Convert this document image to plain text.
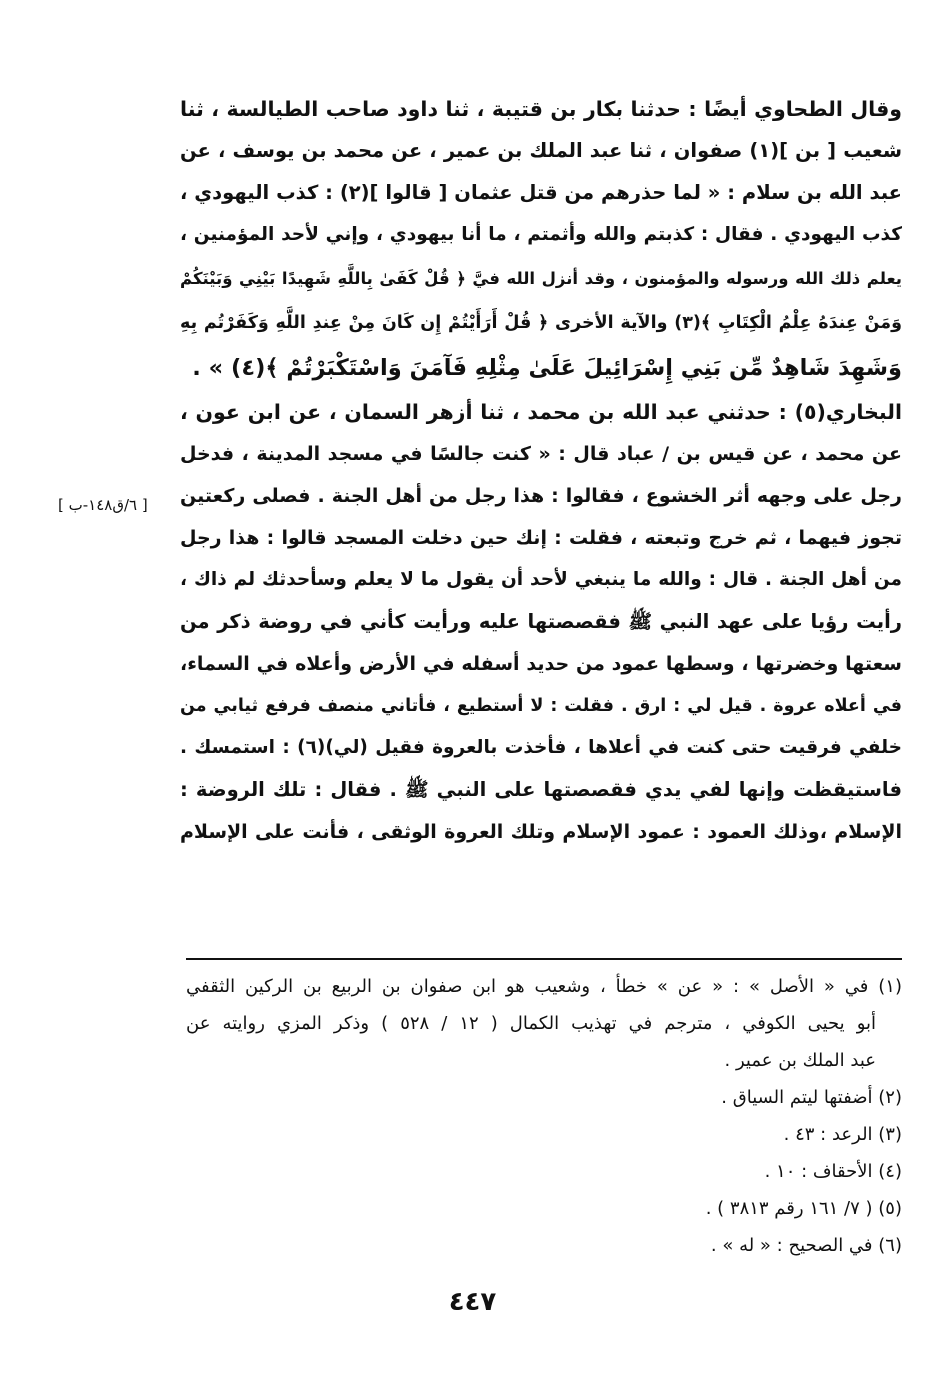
وقال الطحاوي أيضًا : حدثنا بكار بن قتيبة ، ثنا داود صاحب الطيالسة ، ثنا
شعيب [ بن ](١) صفوان ، ثنا عبد الملك بن عمير ، عن محمد بن يوسف ، عن
عبد الله بن سلام : « لما حذرهم من قتل عثمان [ قالوا ](٢) : كذب اليهودي ،
كذب اليهودي . فقال : كذبتم والله وأثمتم ، ما أنا بيهودي ، وإني لأحد المؤمنين ،
يعلم ذلك الله ورسوله والمؤمنون ، وقد أنزل الله فيَّ ﴿ قُلْ كَفَىٰ بِاللَّهِ شَهِيدًا بَيْنِي وَبَيْنَكُمْ
وَمَنْ عِندَهُ عِلْمُ الْكِتَابِ ﴾(٣) والآية الأخرى ﴿ قُلْ أَرَأَيْتُمْ إِن كَانَ مِنْ عِندِ اللَّهِ وَكَفَرْتُم بِهِ
وَشَهِدَ شَاهِدٌ مِّن بَنِي إِسْرَائِيلَ عَلَىٰ مِثْلِهِ فَآمَنَ وَاسْتَكْبَرْتُمْ ﴾(٤) » .
البخاري(٥) : حدثني عبد الله بن محمد ، ثنا أزهر السمان ، عن ابن عون ،
عن محمد ، عن قيس بن / عباد قال : « كنت جالسًا في مسجد المدينة ، فدخل
رجل على وجهه أثر الخشوع ، فقالوا : هذا رجل من أهل الجنة . فصلى ركعتين
تجوز فيهما ، ثم خرج وتبعته ، فقلت : إنك حين دخلت المسجد قالوا : هذا رجل
من أهل الجنة . قال : والله ما ينبغي لأحد أن يقول ما لا يعلم وسأحدثك لم ذاك ،
رأيت رؤيا على عهد النبي ﷺ فقصصتها عليه ورأيت كأني في روضة ذكر من
سعتها وخضرتها ، وسطها عمود من حديد أسفله في الأرض وأعلاه في السماء،
في أعلاه عروة . قيل لي : ارق . فقلت : لا أستطيع ، فأتاني منصف فرفع ثيابي من
خلفي فرقيت حتى كنت في أعلاها ، فأخذت بالعروة فقيل (لي)(٦) : استمسك .
فاستيقظت وإنها لفي يدي فقصصتها على النبي ﷺ . فقال : تلك الروضة :
الإسلام ،وذلك العمود : عمود الإسلام وتلك العروة الوثقى ، فأنت على الإسلام
[ ٦/ق١٤٨-ب ]
(١) في « الأصل » : « عن » خطأ ، وشعيب هو ابن صفوان بن الربيع بن الركين الثقفي
أبو يحيى الكوفي ، مترجم في تهذيب الكمال ( ١٢ / ٥٢٨ ) وذكر المزي روايته عن
عبد الملك بن عمير .
(٢) أضفتها ليتم السياق .
(٣) الرعد : ٤٣ .
(٤) الأحقاف : ١٠ .
(٥) ( ٧/ ١٦١ رقم ٣٨١٣ ) .
(٦) في الصحيح : « له » .
٤٤٧
